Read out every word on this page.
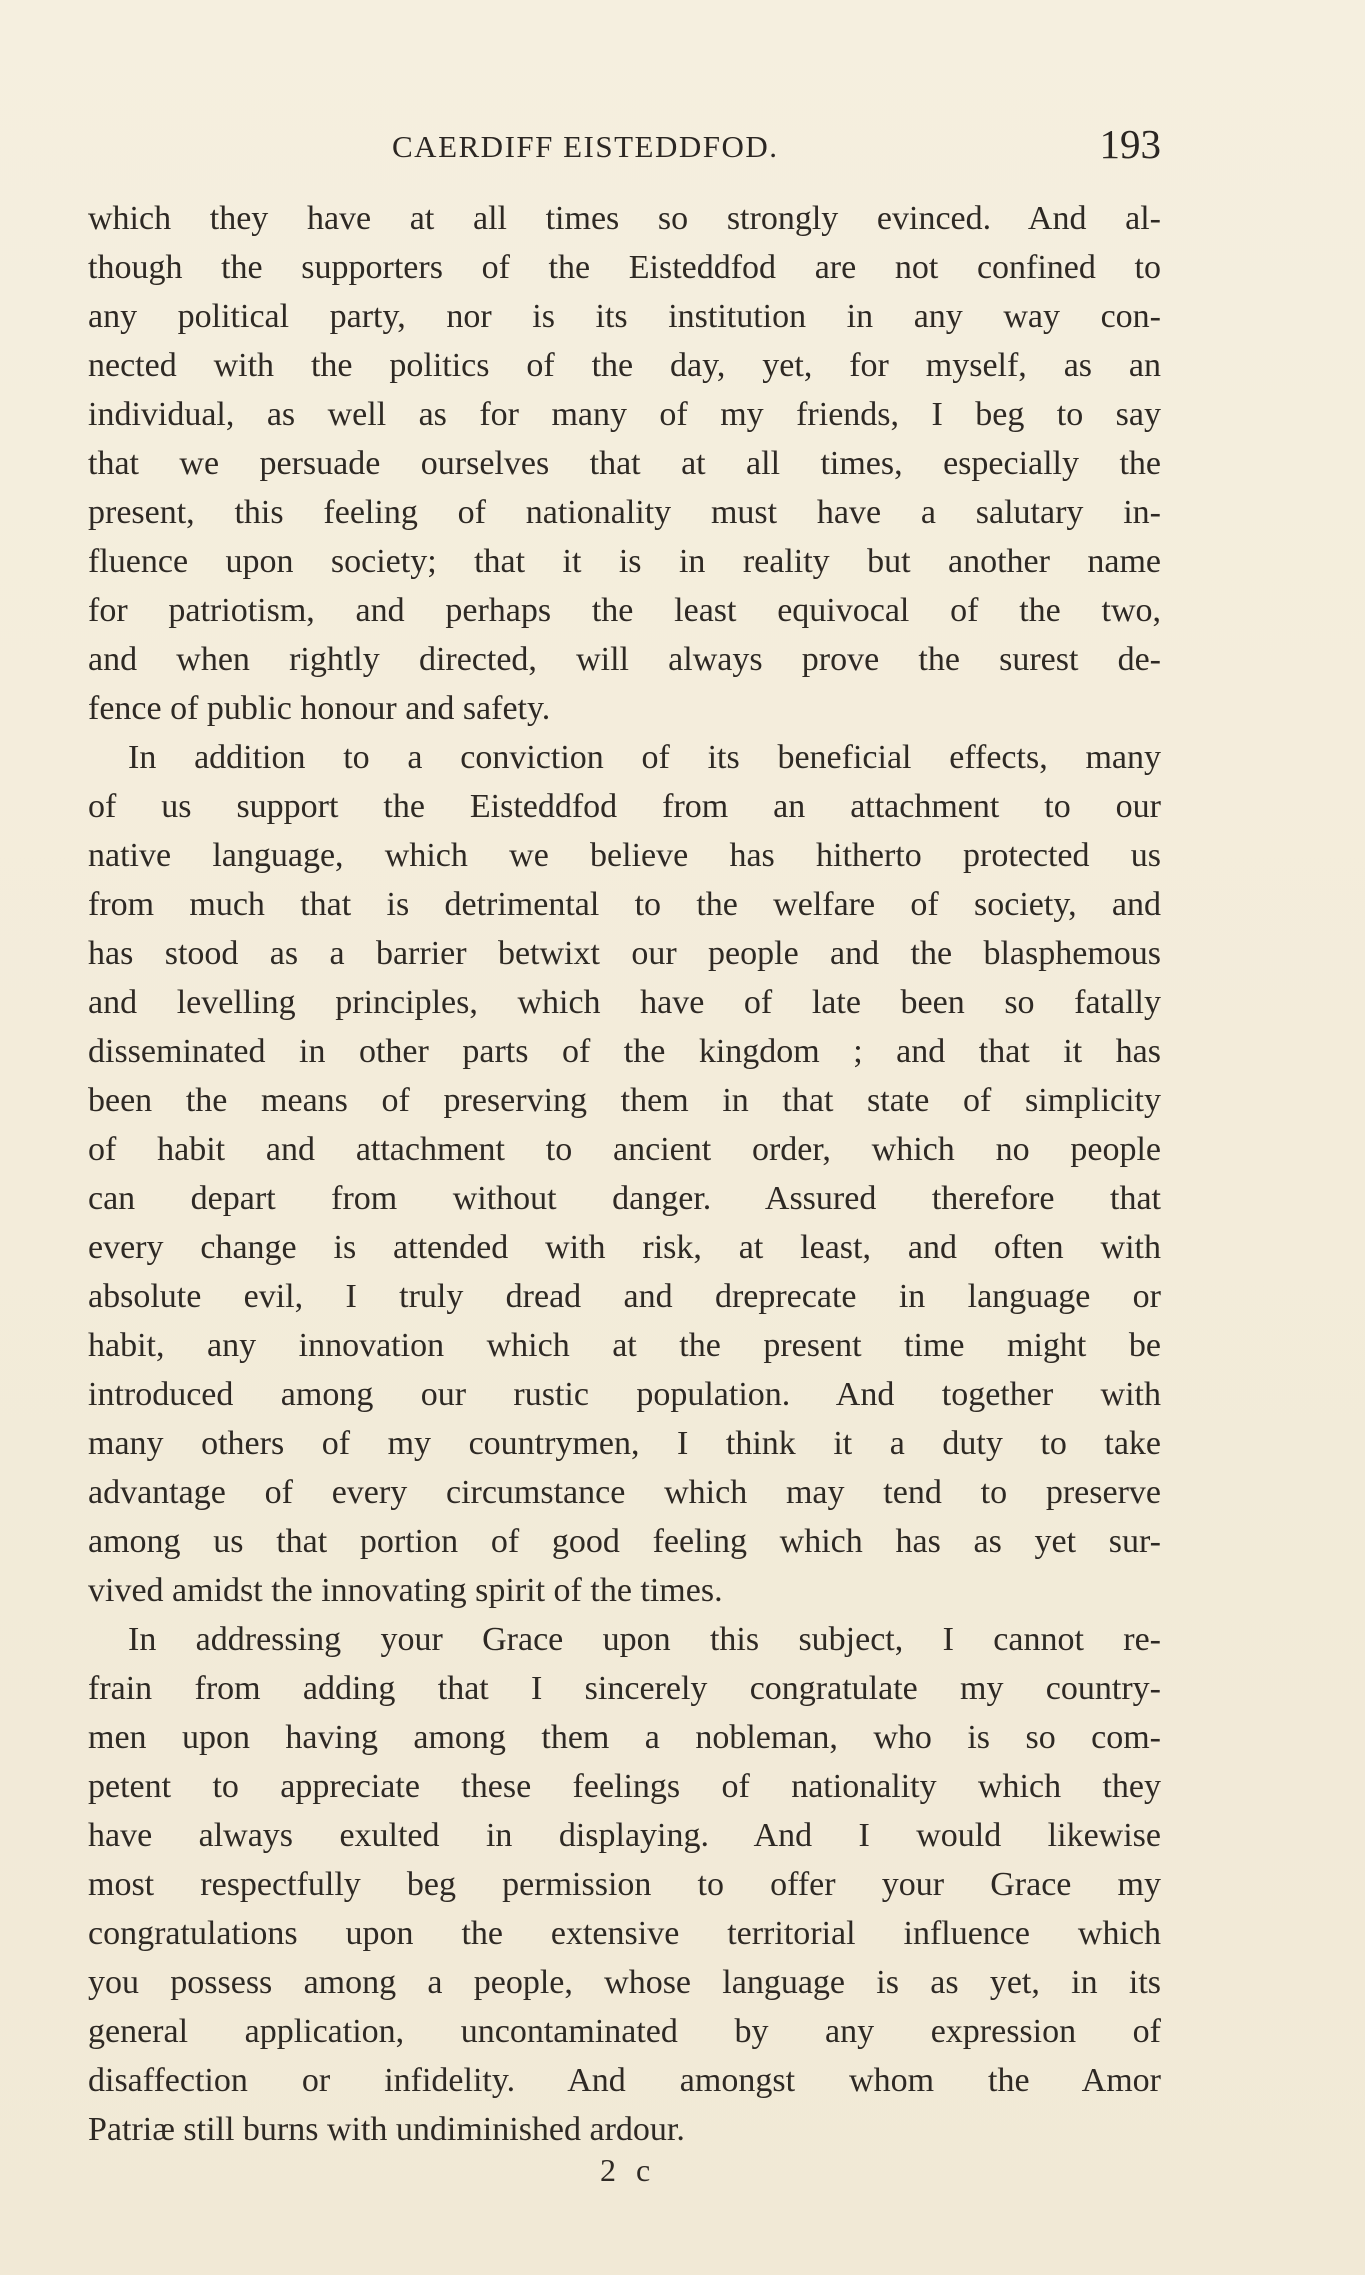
CAERDIFF EISTEDDFOD.	193
which they have at all times so strongly evinced. And al-
though the supporters of the Eisteddfod are not confined to
any political party, nor is its institution in any way con-
nected with the politics of the day, yet, for myself, as an
individual, as well as for many of my friends, I beg to say
that we persuade ourselves that at all times, especially the
present, this feeling of nationality must have a salutary in-
fluence upon society; that it is in reality but another name
for patriotism, and perhaps the least equivocal of the two,
and when rightly directed, will always prove the surest de-
fence of public honour and safety.
In addition to a conviction of its beneficial effects, many
of us support the Eisteddfod from an attachment to our
native language, which we believe has hitherto protected us
from much that is detrimental to the welfare of society, and
has stood as a barrier betwixt our people and the blasphemous
and levelling principles, which have of late been so fatally
disseminated in other parts of the kingdom ; and that it has
been the means of preserving them in that state of simplicity
of habit and attachment to ancient order, which no people
can depart from without danger. Assured therefore that
every change is attended with risk, at least, and often with
absolute evil, I truly dread and dreprecate in language or
habit, any innovation which at the present time might be
introduced among our rustic population. And together with
many others of my countrymen, I think it a duty to take
advantage of every circumstance which may tend to preserve
among us that portion of good feeling which has as yet sur-
vived amidst the innovating spirit of the times.
In addressing your Grace upon this subject, I cannot re-
frain from adding that I sincerely congratulate my country-
men upon having among them a nobleman, who is so com-
petent to appreciate these feelings of nationality which they
have always exulted in displaying. And I would likewise
most respectfully beg permission to offer your Grace my
congratulations upon the extensive territorial influence which
you possess among a people, whose language is as yet, in its
general application, uncontaminated by any expression of
disaffection or infidelity. And amongst whom the Amor
Patriæ still burns with undiminished ardour.
2 c
